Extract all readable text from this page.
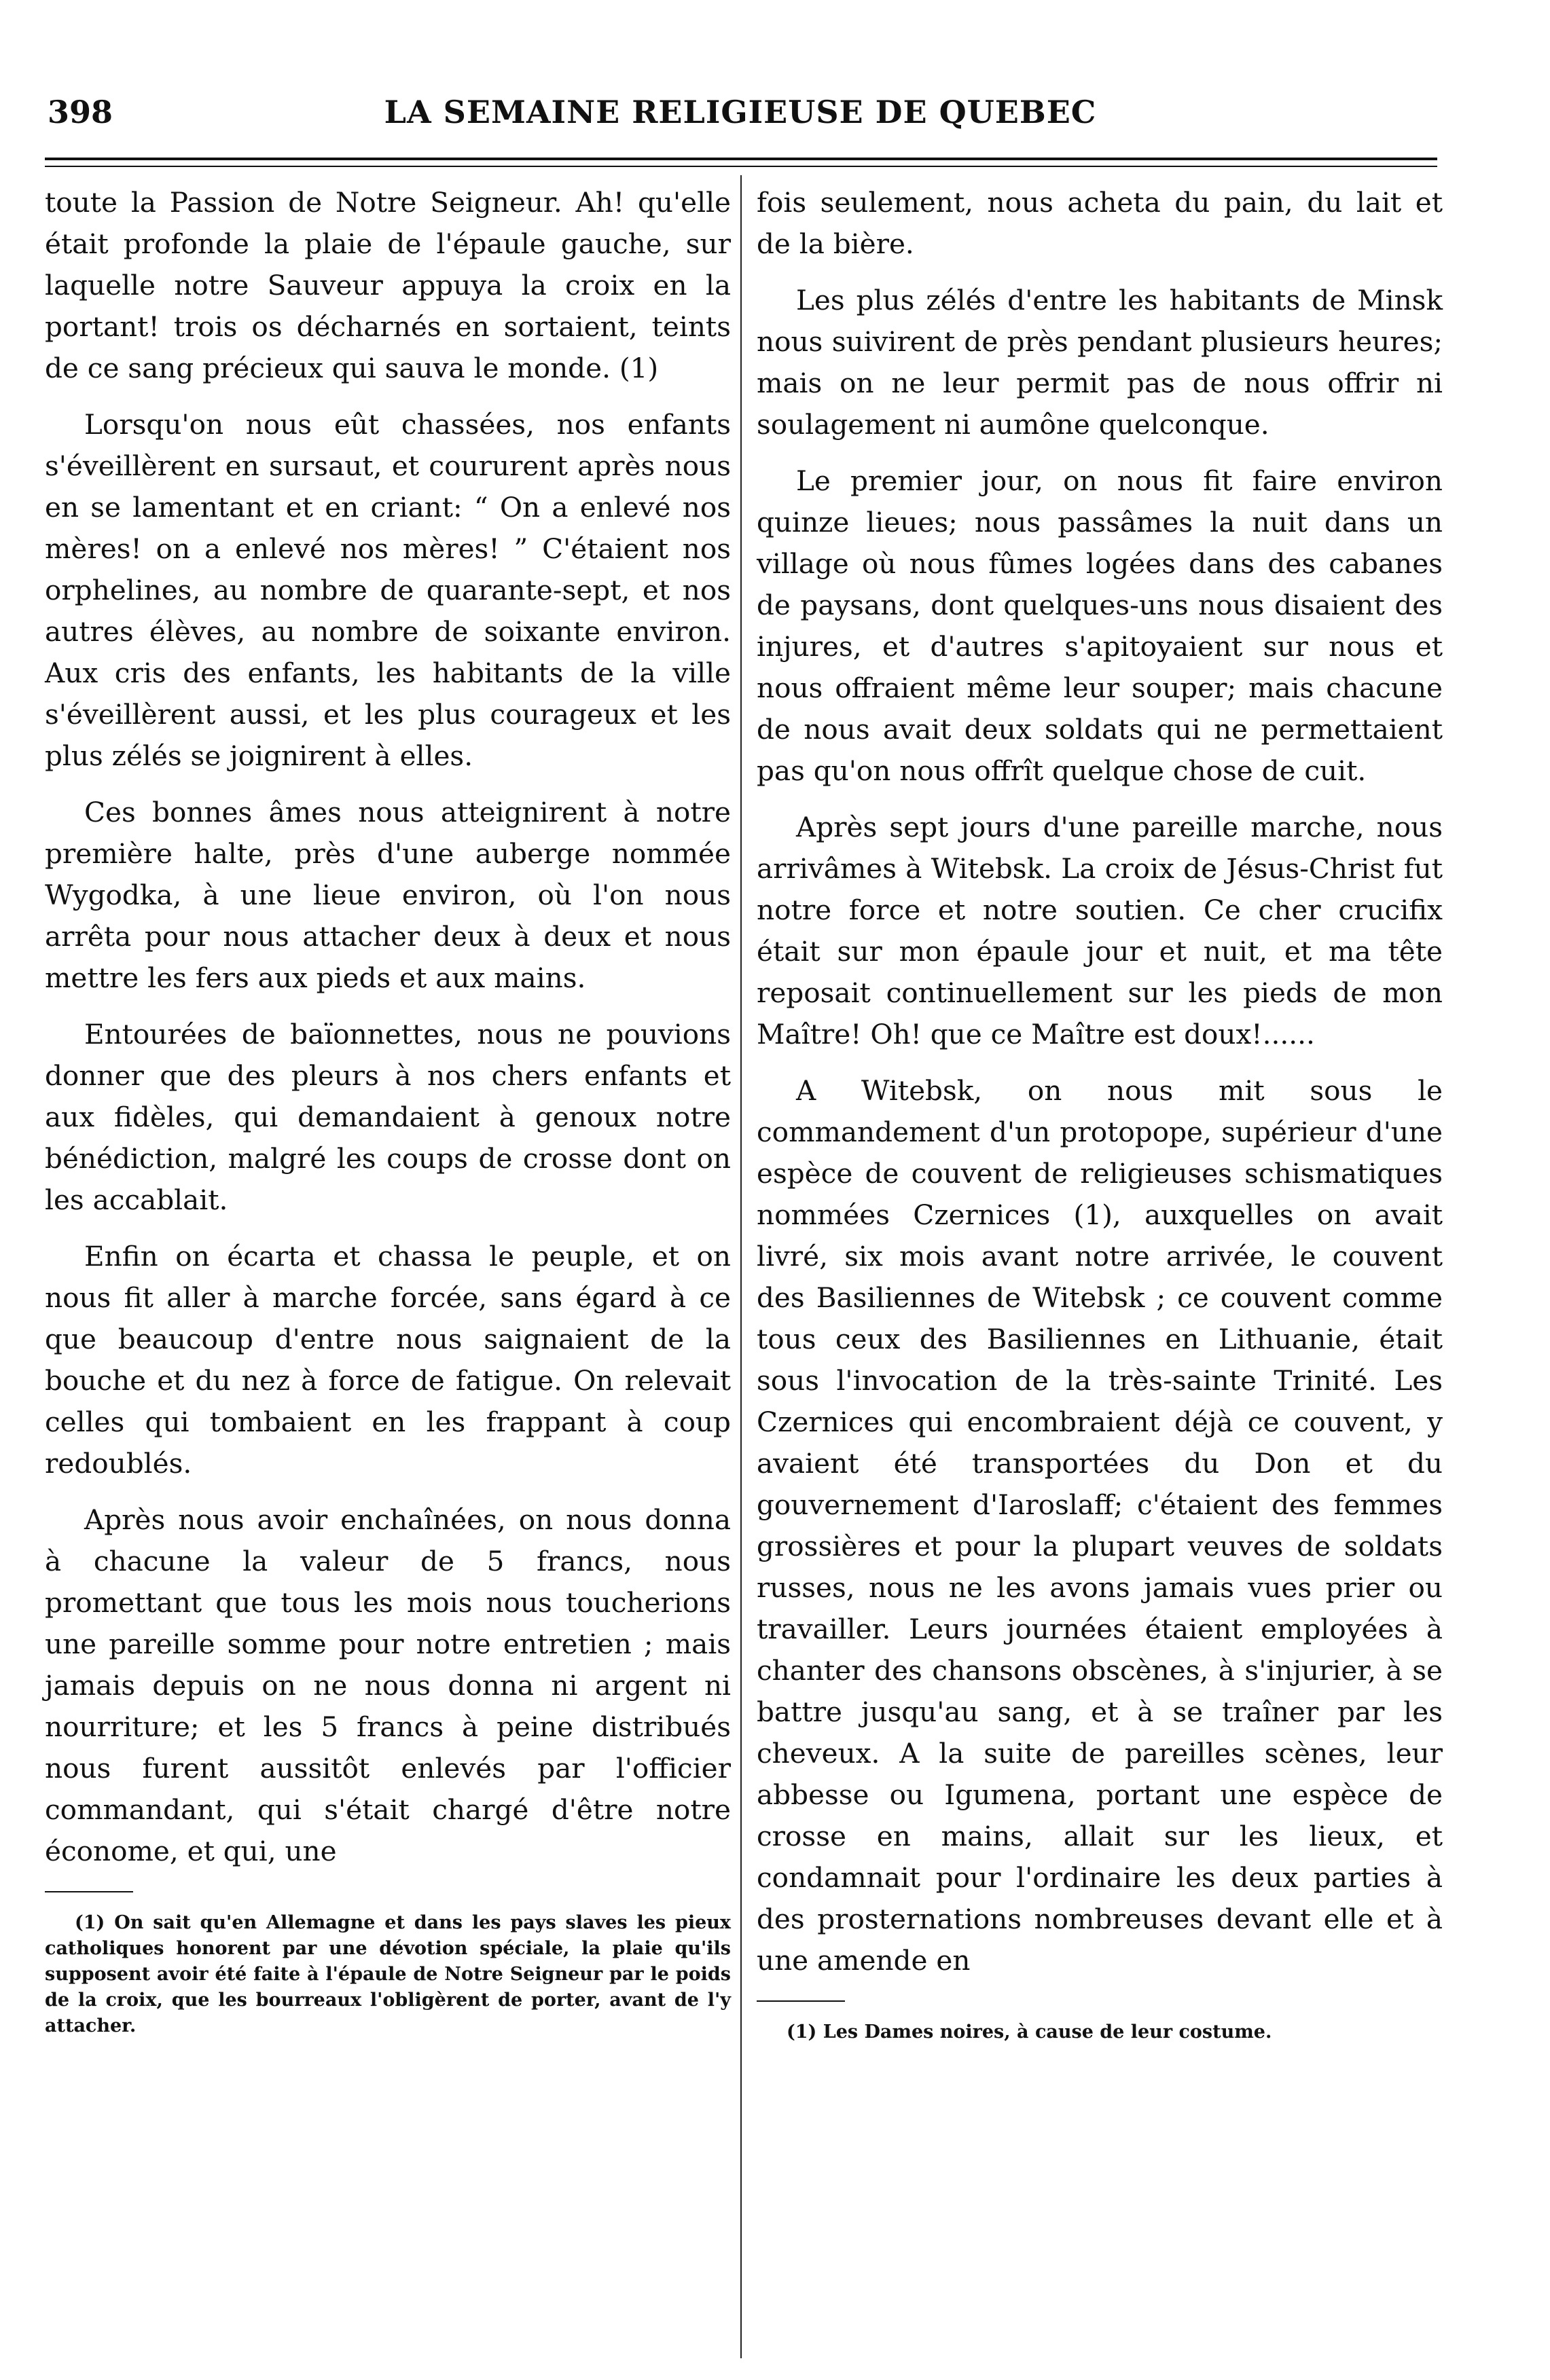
398	LA SEMAINE RELIGIEUSE DE QUEBEC

toute la Passion de Notre Seigneur. Ah! qu'elle était profonde la plaie de l'épaule gauche, sur laquelle notre Sauveur appuya la croix en la portant! trois os décharnés en sortaient, teints de ce sang précieux qui sauva le monde. (1)

Lorsqu'on nous eût chassées, nos enfants s'éveillèrent en sursaut, et coururent après nous en se lamentant et en criant: “ On a enlevé nos mères! on a enlevé nos mères! ” C'étaient nos orphelines, au nombre de quarante-sept, et nos autres élèves, au nombre de soixante environ. Aux cris des enfants, les habitants de la ville s'éveillèrent aussi, et les plus courageux et les plus zélés se joignirent à elles.

Ces bonnes âmes nous atteignirent à notre première halte, près d'une auberge nommée Wygodka, à une lieue environ, où l'on nous arrêta pour nous attacher deux à deux et nous mettre les fers aux pieds et aux mains.

Entourées de baïonnettes, nous ne pouvions donner que des pleurs à nos chers enfants et aux fidèles, qui demandaient à genoux notre bénédiction, malgré les coups de crosse dont on les accablait.

Enfin on écarta et chassa le peuple, et on nous fit aller à marche forcée, sans égard à ce que beaucoup d'entre nous saignaient de la bouche et du nez à force de fatigue. On relevait celles qui tombaient en les frappant à coup redoublés.

Après nous avoir enchaînées, on nous donna à chacune la valeur de 5 francs, nous promettant que tous les mois nous toucherions une pareille somme pour notre entretien ; mais jamais depuis on ne nous donna ni argent ni nourriture; et les 5 francs à peine distribués nous furent aussitôt enlevés par l'officier commandant, qui s'était chargé d'être notre économe, et qui, une

(1) On sait qu'en Allemagne et dans les pays slaves les pieux catholiques honorent par une dévotion spéciale, la plaie qu'ils supposent avoir été faite à l'épaule de Notre Seigneur par le poids de la croix, que les bourreaux l'obligèrent de porter, avant de l'y attacher.

fois seulement, nous acheta du pain, du lait et de la bière.

Les plus zélés d'entre les habitants de Minsk nous suivirent de près pendant plusieurs heures; mais on ne leur permit pas de nous offrir ni soulagement ni aumône quelconque.

Le premier jour, on nous fit faire environ quinze lieues; nous passâmes la nuit dans un village où nous fûmes logées dans des cabanes de paysans, dont quelques-uns nous disaient des injures, et d'autres s'apitoyaient sur nous et nous offraient même leur souper; mais chacune de nous avait deux soldats qui ne permettaient pas qu'on nous offrît quelque chose de cuit.

Après sept jours d'une pareille marche, nous arrivâmes à Witebsk. La croix de Jésus-Christ fut notre force et notre soutien. Ce cher crucifix était sur mon épaule jour et nuit, et ma tête reposait continuellement sur les pieds de mon Maître! Oh! que ce Maître est doux!......

A Witebsk, on nous mit sous le commandement d'un protopope, supérieur d'une espèce de couvent de religieuses schismatiques nommées Czernices (1), auxquelles on avait livré, six mois avant notre arrivée, le couvent des Basiliennes de Witebsk ; ce couvent comme tous ceux des Basiliennes en Lithuanie, était sous l'invocation de la très-sainte Trinité. Les Czernices qui encombraient déjà ce couvent, y avaient été transportées du Don et du gouvernement d'Iaroslaff; c'étaient des femmes grossières et pour la plupart veuves de soldats russes, nous ne les avons jamais vues prier ou travailler. Leurs journées étaient employées à chanter des chansons obscènes, à s'injurier, à se battre jusqu'au sang, et à se traîner par les cheveux. A la suite de pareilles scènes, leur abbesse ou Igumena, portant une espèce de crosse en mains, allait sur les lieux, et condamnait pour l'ordinaire les deux parties à des prosternations nombreuses devant elle et à une amende en

(1) Les Dames noires, à cause de leur costume.
